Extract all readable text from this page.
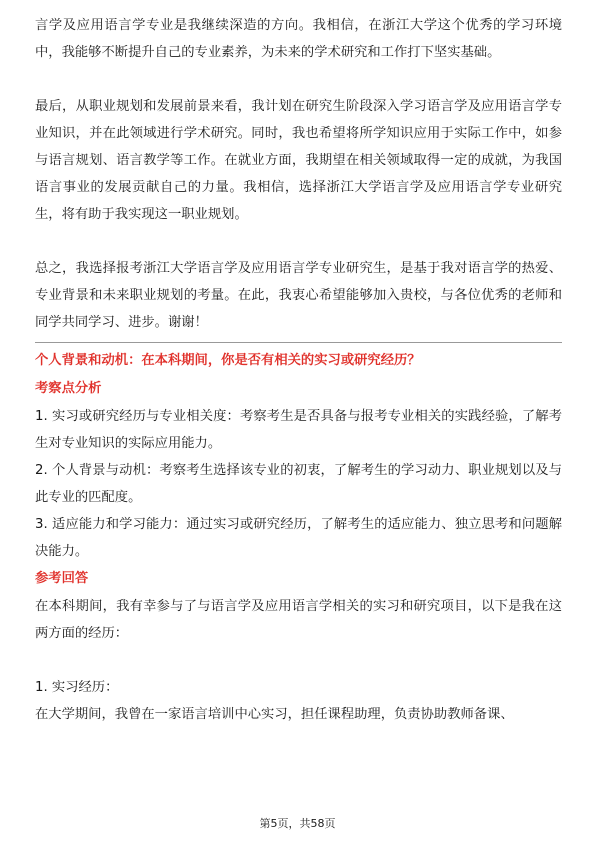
言学及应用语言学专业是我继续深造的方向。我相信，在浙江大学这个优秀的学习环境中，我能够不断提升自己的专业素养，为未来的学术研究和工作打下坚实基础。

最后，从职业规划和发展前景来看，我计划在研究生阶段深入学习语言学及应用语言学专业知识，并在此领域进行学术研究。同时，我也希望将所学知识应用于实际工作中，如参与语言规划、语言教学等工作。在就业方面，我期望在相关领域取得一定的成就，为我国语言事业的发展贡献自己的力量。我相信，选择浙江大学语言学及应用语言学专业研究生，将有助于我实现这一职业规划。

总之，我选择报考浙江大学语言学及应用语言学专业研究生，是基于我对语言学的热爱、专业背景和未来职业规划的考量。在此，我衷心希望能够加入贵校，与各位优秀的老师和同学共同学习、进步。谢谢！

个人背景和动机：在本科期间，你是否有相关的实习或研究经历？

考察点分析

1. 实习或研究经历与专业相关度：考察考生是否具备与报考专业相关的实践经验，了解考生对专业知识的实际应用能力。

2. 个人背景与动机：考察考生选择该专业的初衷，了解考生的学习动力、职业规划以及与此专业的匹配度。

3. 适应能力和学习能力：通过实习或研究经历，了解考生的适应能力、独立思考和问题解决能力。

参考回答

在本科期间，我有幸参与了与语言学及应用语言学相关的实习和研究项目，以下是我在这两方面的经历：

1. 实习经历：

在大学期间，我曾在一家语言培训中心实习，担任课程助理，负责协助教师备课、

第5页，共58页
